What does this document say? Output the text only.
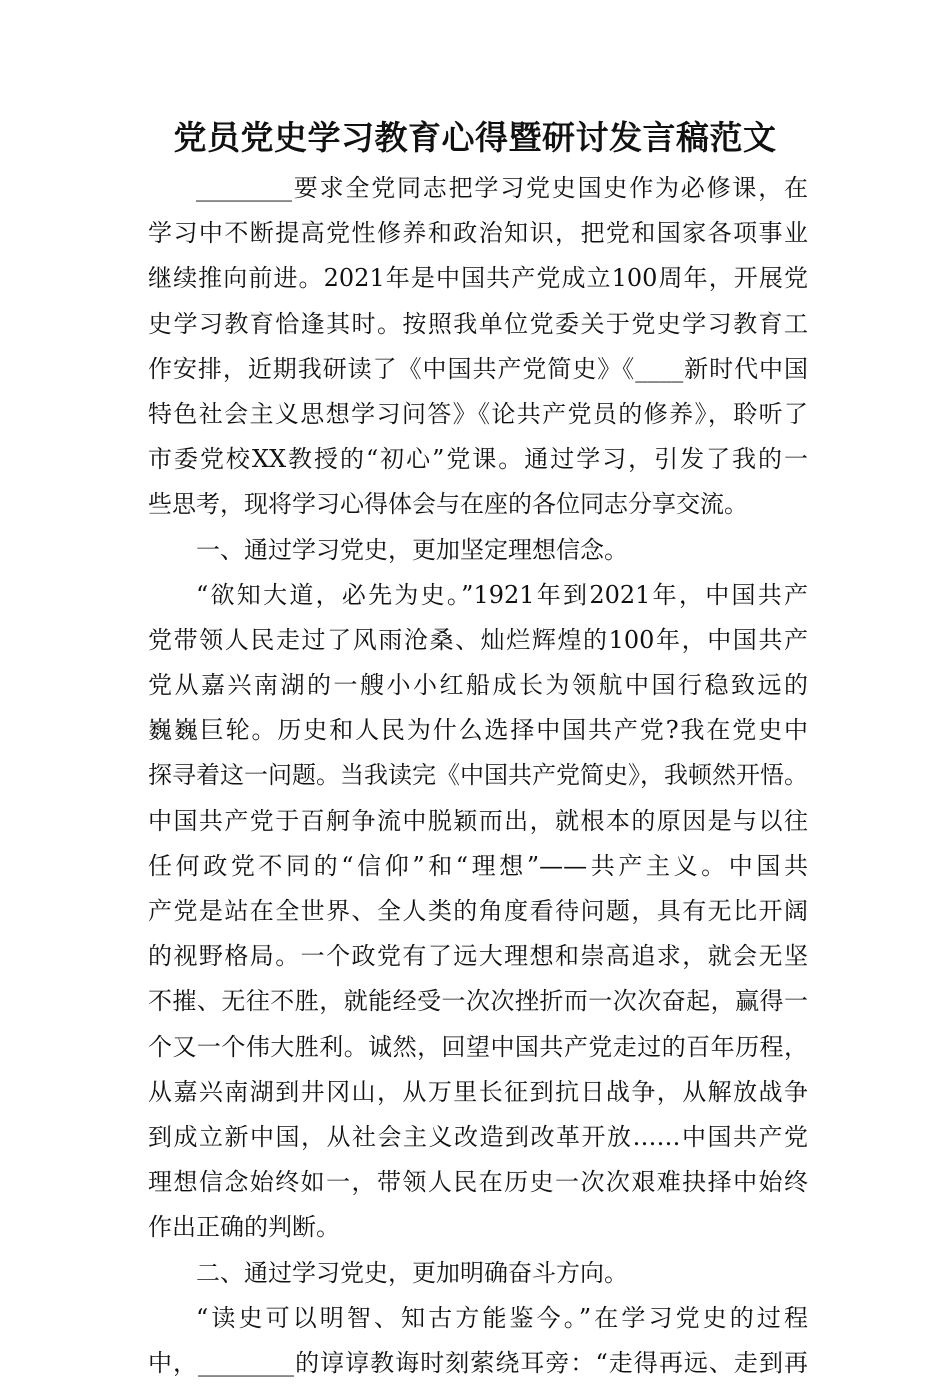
党员党史学习教育心得暨研讨发言稿范文
________要求全党同志把学习党史国史作为必修课，在
学习中不断提高党性修养和政治知识，把党和国家各项事业
继续推向前进。2021年是中国共产党成立100周年，开展党
史学习教育恰逢其时。按照我单位党委关于党史学习教育工
作安排，近期我研读了《中国共产党简史》《____新时代中国
特色社会主义思想学习问答》《论共产党员的修养》，聆听了
市委党校XX教授的“初心”党课。通过学习，引发了我的一
些思考，现将学习心得体会与在座的各位同志分享交流。
一、通过学习党史，更加坚定理想信念。
“欲知大道，必先为史。”1921年到2021年，中国共产
党带领人民走过了风雨沧桑、灿烂辉煌的100年，中国共产
党从嘉兴南湖的一艘小小红船成长为领航中国行稳致远的
巍巍巨轮。历史和人民为什么选择中国共产党?我在党史中
探寻着这一问题。当我读完《中国共产党简史》，我顿然开悟。
中国共产党于百舸争流中脱颖而出，就根本的原因是与以往
任何政党不同的“信仰”和“理想”——共产主义。中国共
产党是站在全世界、全人类的角度看待问题，具有无比开阔
的视野格局。一个政党有了远大理想和崇高追求，就会无坚
不摧、无往不胜，就能经受一次次挫折而一次次奋起，赢得一
个又一个伟大胜利。诚然，回望中国共产党走过的百年历程，
从嘉兴南湖到井冈山，从万里长征到抗日战争，从解放战争
到成立新中国，从社会主义改造到改革开放……中国共产党
理想信念始终如一，带领人民在历史一次次艰难抉择中始终
作出正确的判断。
二、通过学习党史，更加明确奋斗方向。
“读史可以明智、知古方能鉴今。”在学习党史的过程
中，________的谆谆教诲时刻萦绕耳旁：“走得再远、走到再
